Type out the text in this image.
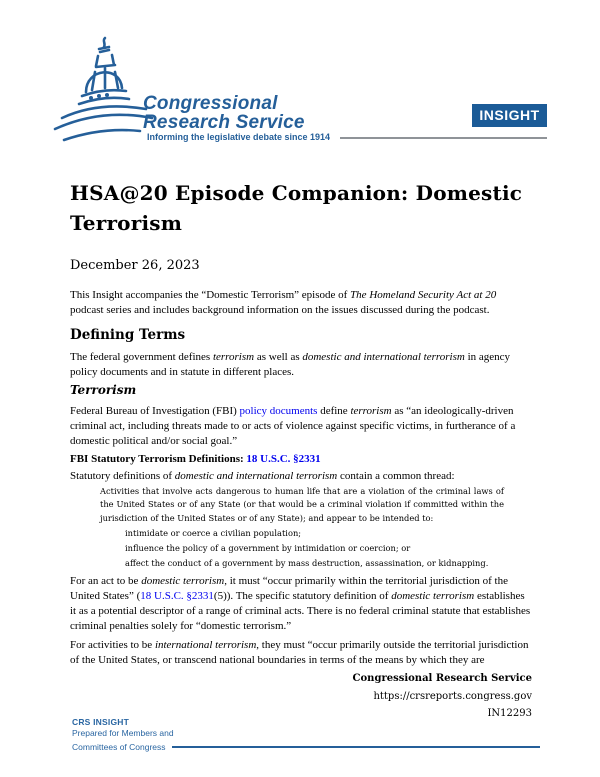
Congressional
Research Service
Informing the legislative debate since 1914
INSIGHT
HSA@20 Episode Companion: Domestic Terrorism
December 26, 2023

This Insight accompanies the “Domestic Terrorism” episode of The Homeland Security Act at 20 podcast series and includes background information on the issues discussed during the podcast.

Defining Terms

The federal government defines terrorism as well as domestic and international terrorism in agency policy documents and in statute in different places.

Terrorism

Federal Bureau of Investigation (FBI) policy documents define terrorism as “an ideologically-driven criminal act, including threats made to or acts of violence against specific victims, in furtherance of a domestic political and/or social goal.”

FBI Statutory Terrorism Definitions: 18 U.S.C. §2331

Statutory definitions of domestic and international terrorism contain a common thread:

Activities that involve acts dangerous to human life that are a violation of the criminal laws of the United States or of any State (or that would be a criminal violation if committed within the jurisdiction of the United States or of any State); and appear to be intended to:
intimidate or coerce a civilian population;
influence the policy of a government by intimidation or coercion; or
affect the conduct of a government by mass destruction, assassination, or kidnapping.

For an act to be domestic terrorism, it must “occur primarily within the territorial jurisdiction of the United States” (18 U.S.C. §2331(5)). The specific statutory definition of domestic terrorism establishes it as a potential descriptor of a range of criminal acts. There is no federal criminal statute that establishes criminal penalties solely for “domestic terrorism.”

For activities to be international terrorism, they must “occur primarily outside the territorial jurisdiction of the United States, or transcend national boundaries in terms of the means by which they are

Congressional Research Service
https://crsreports.congress.gov
IN12293
CRS INSIGHT
Prepared for Members and
Committees of Congress
